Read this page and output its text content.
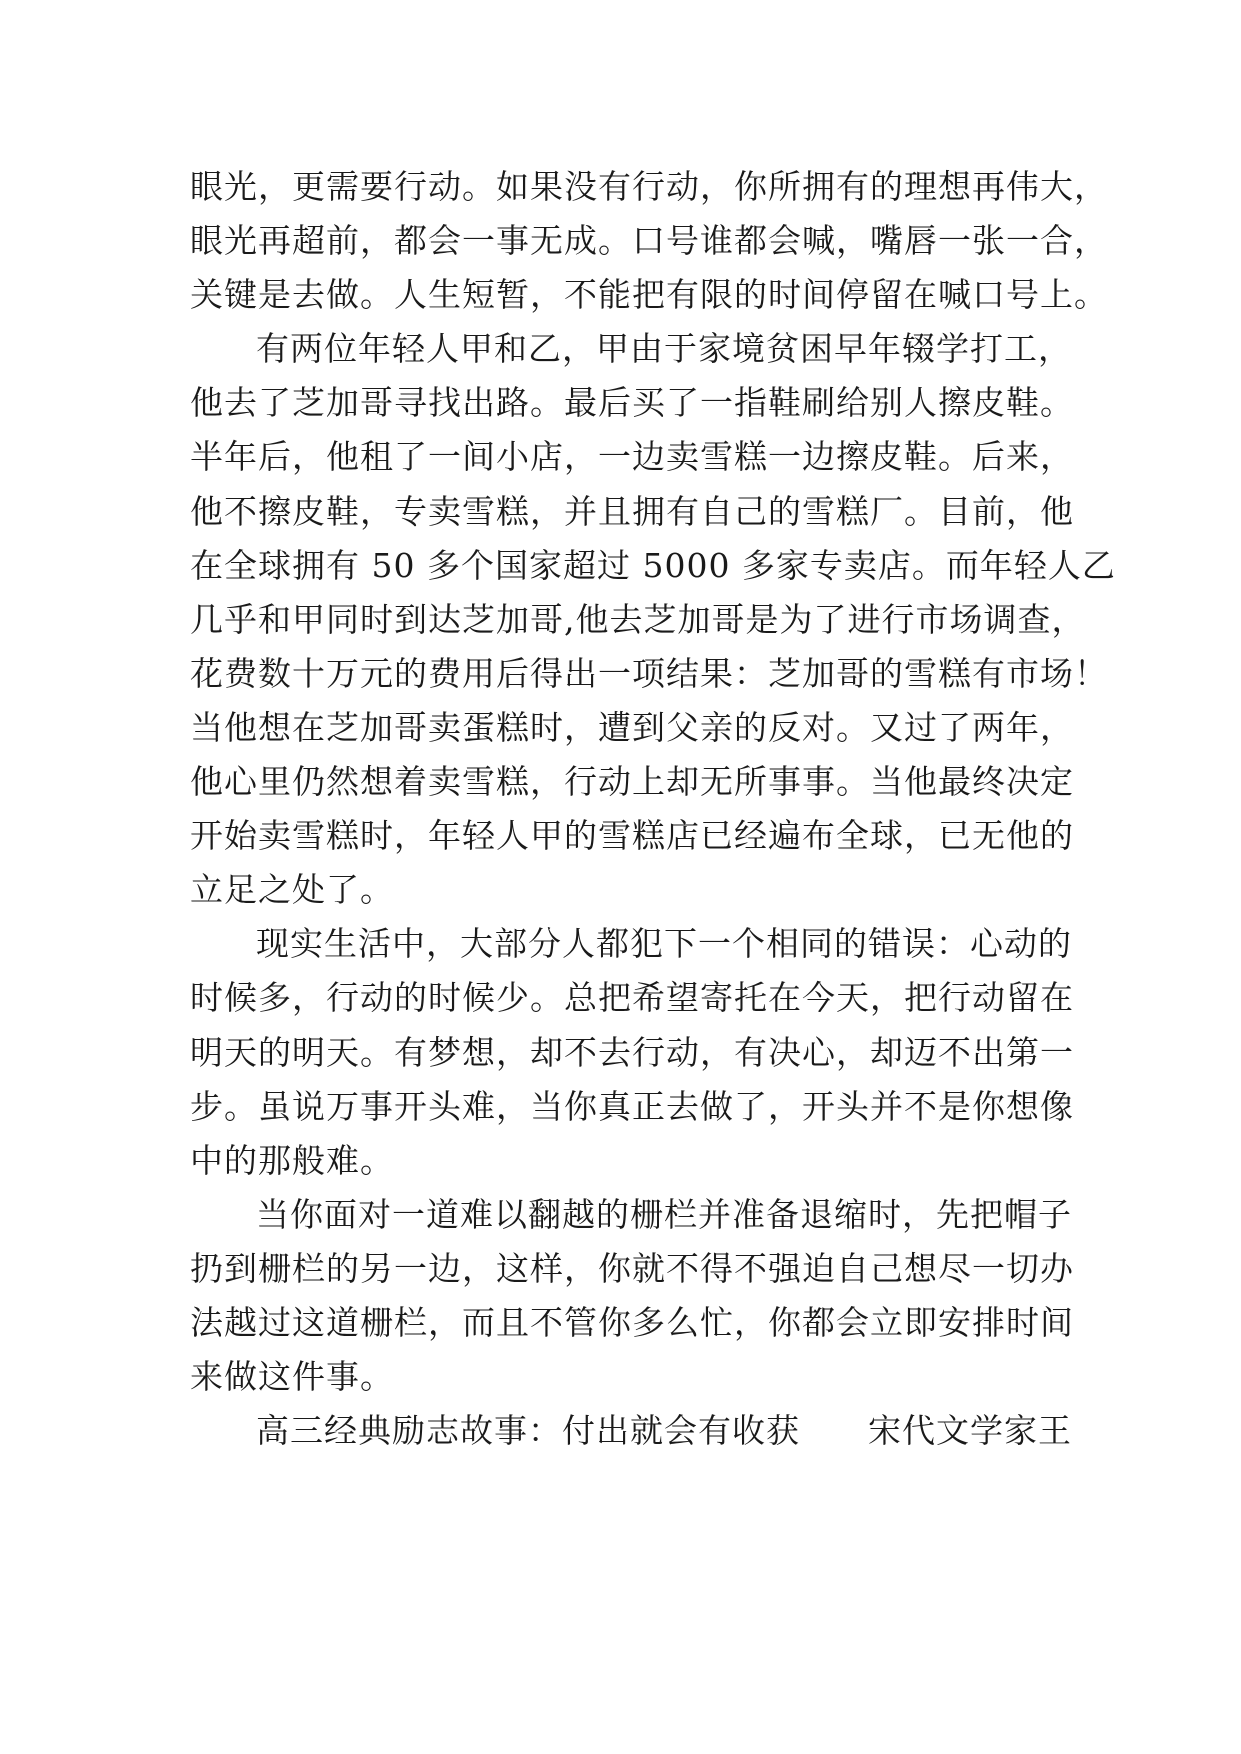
眼光，更需要行动。如果没有行动，你所拥有的理想再伟大，
眼光再超前，都会一事无成。口号谁都会喊，嘴唇一张一合，
关键是去做。人生短暂，不能把有限的时间停留在喊口号上。
有两位年轻人甲和乙，甲由于家境贫困早年辍学打工，
他去了芝加哥寻找出路。最后买了一指鞋刷给别人擦皮鞋。
半年后，他租了一间小店，一边卖雪糕一边擦皮鞋。后来，
他不擦皮鞋，专卖雪糕，并且拥有自己的雪糕厂。目前，他
在全球拥有 50 多个国家超过 5000 多家专卖店。而年轻人乙
几乎和甲同时到达芝加哥,他去芝加哥是为了进行市场调查，
花费数十万元的费用后得出一项结果：芝加哥的雪糕有市场！
当他想在芝加哥卖蛋糕时，遭到父亲的反对。又过了两年，
他心里仍然想着卖雪糕，行动上却无所事事。当他最终决定
开始卖雪糕时，年轻人甲的雪糕店已经遍布全球，已无他的
立足之处了。
现实生活中，大部分人都犯下一个相同的错误：心动的
时候多，行动的时候少。总把希望寄托在今天，把行动留在
明天的明天。有梦想，却不去行动，有决心，却迈不出第一
步。虽说万事开头难，当你真正去做了，开头并不是你想像
中的那般难。
当你面对一道难以翻越的栅栏并准备退缩时，先把帽子
扔到栅栏的另一边，这样，你就不得不强迫自己想尽一切办
法越过这道栅栏，而且不管你多么忙，你都会立即安排时间
来做这件事。
高三经典励志故事：付出就会有收获　　宋代文学家王
